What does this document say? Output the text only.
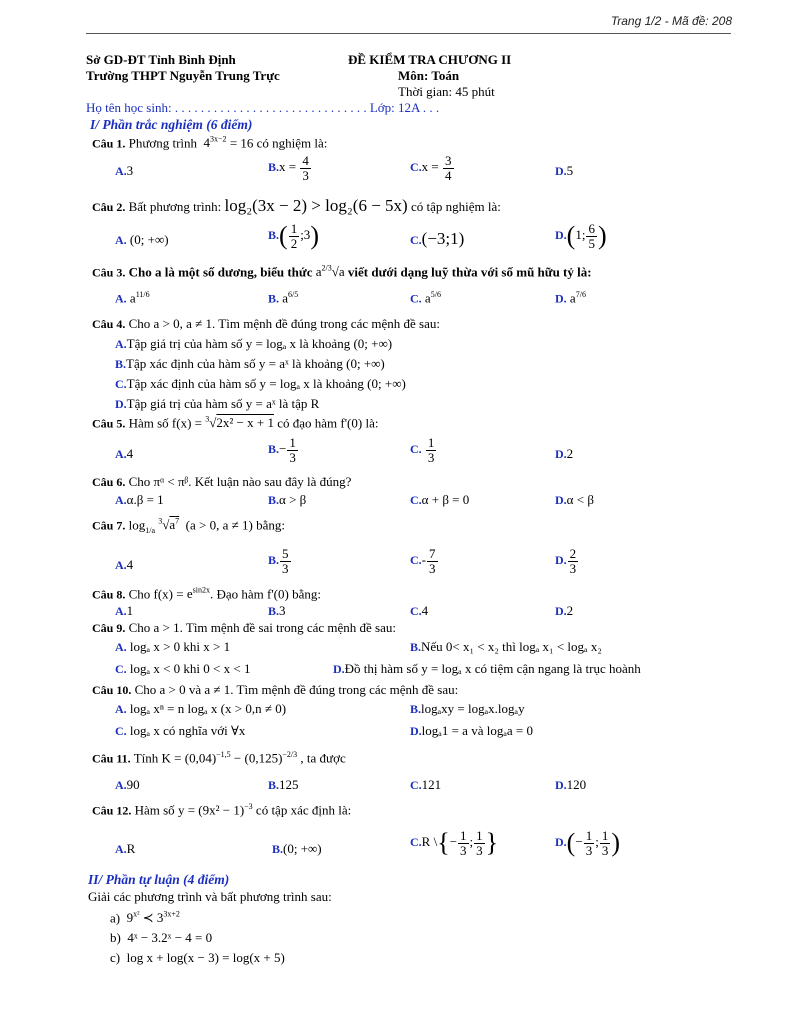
Trang 1/2 - Mã đề: 208
Sở GD-ĐT Tỉnh Bình Định
Trường THPT Nguyễn Trung Trực
ĐỀ KIỂM TRA CHƯƠNG II
Môn: Toán
Thời gian: 45 phút
Họ tên học sinh: . . . . . . . . . . . . . . . . . . . . . . . . . . . . . . Lớp: 12A . . .
I/ Phần trắc nghiệm (6 điểm)
Câu 1. Phương trình $4^{3x-2} = 16$ có nghiệm là:
A.3	$B.x = \frac{4}{3}$	$C.x = \frac{3}{4}$	D.5
Câu 2. Bất phương trình: log₂(3x − 2) > log₂(6 − 5x) có tập nghiệm là:
A. (0; +∞)	$B.( \frac{1}{2}$ ;3)	C.(−3;1)	D.(1; $\frac{6}{5}$ )
Câu 3. Cho a là một số dương, biểu thức $a^{2/3}√a$ viết dưới dạng luỹ thừa với số mũ hữu tỷ là:
A. $a^{11/6}$	B. $a^{6/5}$	C. $a^{5/6}$	D. $a^{7/6}$
Câu 4. Cho a > 0, a ≠ 1. Tìm mệnh đề đúng trong các mệnh đề sau:
A.Tập giá trị của hàm số y = logₐ x là khoảng (0; +∞)
B.Tập xác định của hàm số y = aˣ là khoảng (0; +∞)
C.Tập xác định của hàm số y = logₐ x là khoảng (0; +∞)
D.Tập giá trị của hàm số y = aˣ là tập R
Câu 5. Hàm số f(x) = $^3$√2x² − x + 1 có đạo hàm f'(0) là:
A.4	$B.- \frac{1}{3}$	C. $\frac{1}{3}$	D.2
Câu 6. Cho πᵅ < πᵝ. Kết luận nào sau đây là đúng?
A.α.β = 1	B.α > β	C.α + β = 0	D.α < β
Câu 7. $\log_{1/a} ^3√a^7$ (a > 0, a ≠ 1) bằng:
A.4	B. $\frac{5}{3}$	$C.- \frac{7}{3}$	D. $\frac{2}{3}$
Câu 8. Cho $f(x) = e^{sin2x}$. Đạo hàm f'(0) bằng:
A.1	B.3	C.4	D.2
Câu 9. Cho a > 1. Tìm mệnh đề sai trong các mệnh đề sau:
A. logₐ x > 0 khi x > 1	B.Nếu 0< x₁ < x₂ thì logₐ x₁ < logₐ x₂
C. logₐ x < 0 khi 0 < x < 1	D.Đồ thị hàm số y = logₐ x có tiệm cận ngang là trục hoành
Câu 10. Cho a > 0 và a ≠ 1. Tìm mệnh đề đúng trong các mệnh đề sau:
A. logₐ xⁿ = n logₐ x (x > 0,n ≠ 0)	B.logₐxy = logₐx.logₐy
C. logₐ x có nghĩa với ∀x	D.logₐ1 = a và logₐa = 0
Câu 11. Tính $K = (0,04)^{-1,5} - (0,125)^{-2/3}$ , ta được
A.90	B.125	C.121	D.120
Câu 12. Hàm số $y = (9x^2 - 1)^{-3}$ có tập xác định là:
A.R	B.(0; +∞)	C.R \{− $\frac{1}{3}$ ; $\frac{1}{3}$ }	$D.(- \frac{1}{3}$ ; $\frac{1}{3}$ )
II/ Phần tự luận (4 điểm)
Giải các phương trình và bất phương trình sau:
a) $9^{x^2}$ ≺ $3^{3x+2}$
b) 4ˣ − 3.2ˣ − 4 = 0
c) log x + log(x − 3) = log(x + 5)
